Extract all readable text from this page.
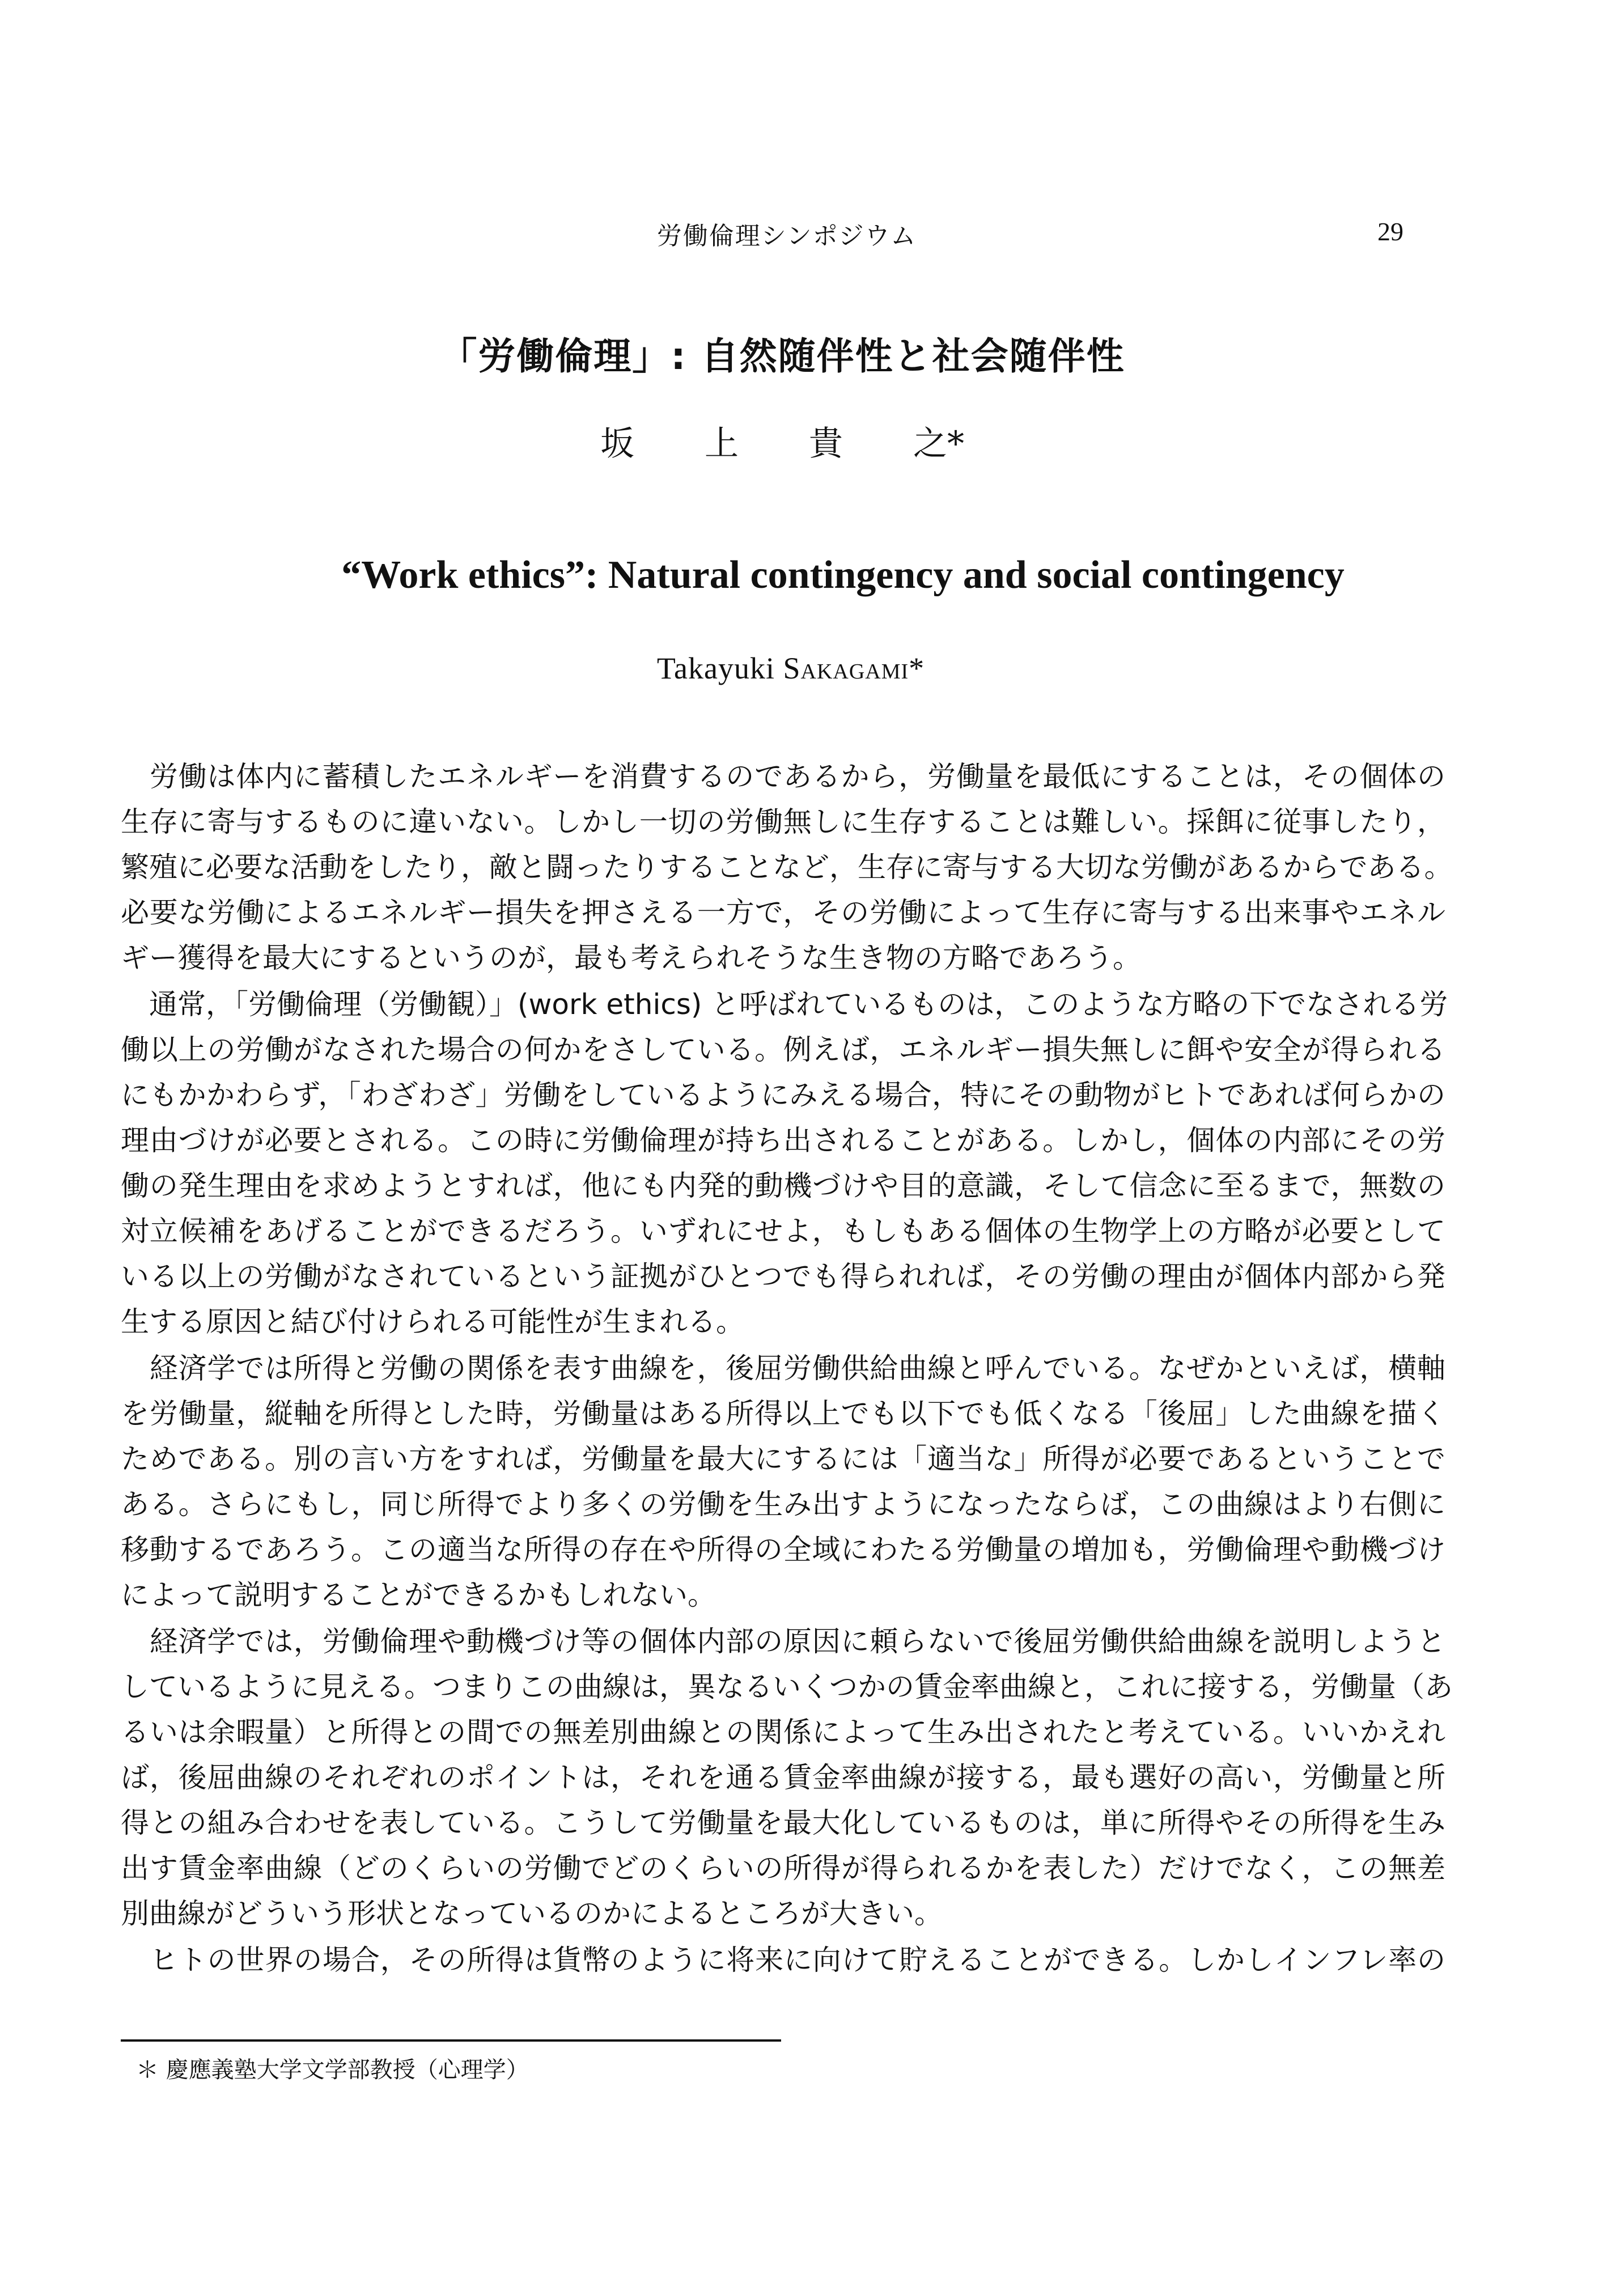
労働倫理シンポジウム	29
「労働倫理」: 自然随伴性と社会随伴性
坂 上 貴 之*
“Work ethics”: Natural contingency and social contingency
Takayuki Sakagami*
　労働は体内に蓄積したエネルギーを消費するのであるから，労働量を最低にすることは，その個体の
生存に寄与するものに違いない。しかし一切の労働無しに生存することは難しい。採餌に従事したり，
繁殖に必要な活動をしたり，敵と闘ったりすることなど，生存に寄与する大切な労働があるからである。
必要な労働によるエネルギー損失を押さえる一方で，その労働によって生存に寄与する出来事やエネル
ギー獲得を最大にするというのが，最も考えられそうな生き物の方略であろう。
　通常，「労働倫理（労働観）」(work ethics) と呼ばれているものは，このような方略の下でなされる労
働以上の労働がなされた場合の何かをさしている。例えば，エネルギー損失無しに餌や安全が得られる
にもかかわらず，「わざわざ」労働をしているようにみえる場合，特にその動物がヒトであれば何らかの
理由づけが必要とされる。この時に労働倫理が持ち出されることがある。しかし，個体の内部にその労
働の発生理由を求めようとすれば，他にも内発的動機づけや目的意識，そして信念に至るまで，無数の
対立候補をあげることができるだろう。いずれにせよ，もしもある個体の生物学上の方略が必要として
いる以上の労働がなされているという証拠がひとつでも得られれば，その労働の理由が個体内部から発
生する原因と結び付けられる可能性が生まれる。
　経済学では所得と労働の関係を表す曲線を，後屈労働供給曲線と呼んでいる。なぜかといえば，横軸
を労働量，縦軸を所得とした時，労働量はある所得以上でも以下でも低くなる「後屈」した曲線を描く
ためである。別の言い方をすれば，労働量を最大にするには「適当な」所得が必要であるということで
ある。さらにもし，同じ所得でより多くの労働を生み出すようになったならば，この曲線はより右側に
移動するであろう。この適当な所得の存在や所得の全域にわたる労働量の増加も，労働倫理や動機づけ
によって説明することができるかもしれない。
　経済学では，労働倫理や動機づけ等の個体内部の原因に頼らないで後屈労働供給曲線を説明しようと
しているように見える。つまりこの曲線は，異なるいくつかの賃金率曲線と，これに接する，労働量（あ
るいは余暇量）と所得との間での無差別曲線との関係によって生み出されたと考えている。いいかえれ
ば，後屈曲線のそれぞれのポイントは，それを通る賃金率曲線が接する，最も選好の高い，労働量と所
得との組み合わせを表している。こうして労働量を最大化しているものは，単に所得やその所得を生み
出す賃金率曲線（どのくらいの労働でどのくらいの所得が得られるかを表した）だけでなく，この無差
別曲線がどういう形状となっているのかによるところが大きい。
　ヒトの世界の場合，その所得は貨幣のように将来に向けて貯えることができる。しかしインフレ率の
＊ 慶應義塾大学文学部教授（心理学）
